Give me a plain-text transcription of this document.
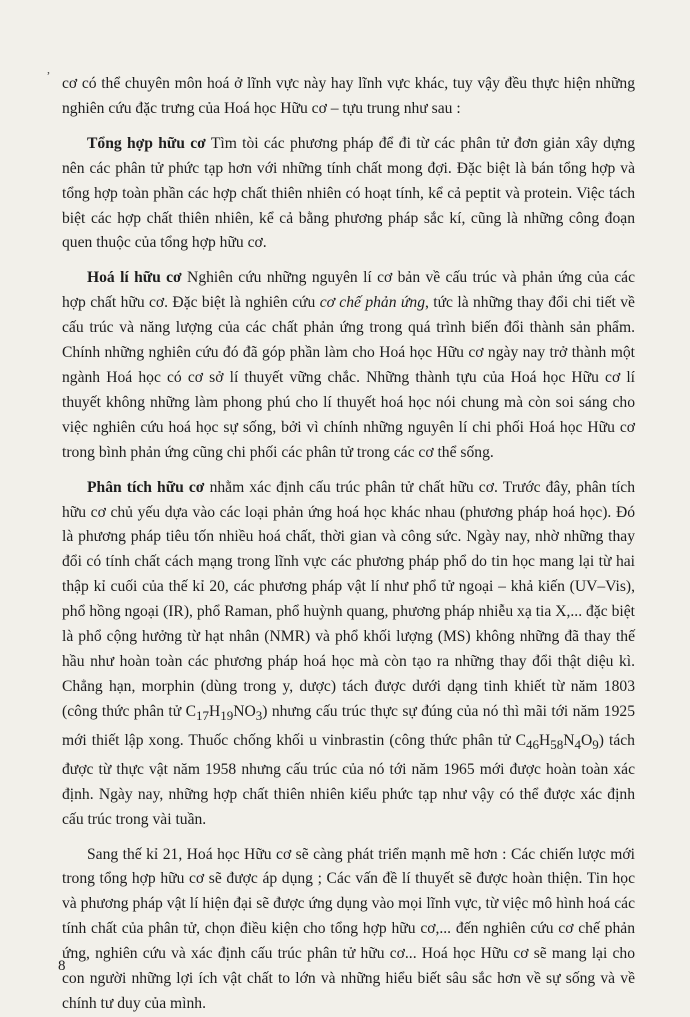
,

cơ có thể chuyên môn hoá ở lĩnh vực này hay lĩnh vực khác, tuy vậy đều thực hiện những nghiên cứu đặc trưng của Hoá học Hữu cơ – tựu trung như sau :

Tổng hợp hữu cơ Tìm tòi các phương pháp để đi từ các phân tử đơn giản xây dựng nên các phân tử phức tạp hơn với những tính chất mong đợi. Đặc biệt là bán tổng hợp và tổng hợp toàn phần các hợp chất thiên nhiên có hoạt tính, kể cả peptit và protein. Việc tách biệt các hợp chất thiên nhiên, kể cả bằng phương pháp sắc kí, cũng là những công đoạn quen thuộc của tổng hợp hữu cơ.

Hoá lí hữu cơ Nghiên cứu những nguyên lí cơ bản về cấu trúc và phản ứng của các hợp chất hữu cơ. Đặc biệt là nghiên cứu cơ chế phản ứng, tức là những thay đổi chi tiết về cấu trúc và năng lượng của các chất phản ứng trong quá trình biến đổi thành sản phẩm. Chính những nghiên cứu đó đã góp phần làm cho Hoá học Hữu cơ ngày nay trở thành một ngành Hoá học có cơ sở lí thuyết vững chắc. Những thành tựu của Hoá học Hữu cơ lí thuyết không những làm phong phú cho lí thuyết hoá học nói chung mà còn soi sáng cho việc nghiên cứu hoá học sự sống, bởi vì chính những nguyên lí chi phối Hoá học Hữu cơ trong bình phản ứng cũng chi phối các phân tử trong các cơ thể sống.

Phân tích hữu cơ nhằm xác định cấu trúc phân tử chất hữu cơ. Trước đây, phân tích hữu cơ chủ yếu dựa vào các loại phản ứng hoá học khác nhau (phương pháp hoá học). Đó là phương pháp tiêu tốn nhiều hoá chất, thời gian và công sức. Ngày nay, nhờ những thay đổi có tính chất cách mạng trong lĩnh vực các phương pháp phổ do tin học mang lại từ hai thập kỉ cuối của thế kỉ 20, các phương pháp vật lí như phổ tử ngoại – khả kiến (UV–Vis), phổ hồng ngoại (IR), phổ Raman, phổ huỳnh quang, phương pháp nhiễu xạ tia X,... đặc biệt là phổ cộng hưởng từ hạt nhân (NMR) và phổ khối lượng (MS) không những đã thay thế hầu như hoàn toàn các phương pháp hoá học mà còn tạo ra những thay đổi thật diệu kì. Chẳng hạn, morphin (dùng trong y, dược) tách được dưới dạng tinh khiết từ năm 1803 (công thức phân tử $C_{17}H_{19}NO_3$) nhưng cấu trúc thực sự đúng của nó thì mãi tới năm 1925 mới thiết lập xong. Thuốc chống khối u vinbrastin (công thức phân tử $C_{46}H_{58}N_4O_9$) tách được từ thực vật năm 1958 nhưng cấu trúc của nó tới năm 1965 mới được hoàn toàn xác định. Ngày nay, những hợp chất thiên nhiên kiểu phức tạp như vậy có thể được xác định cấu trúc trong vài tuần.

Sang thế kỉ 21, Hoá học Hữu cơ sẽ càng phát triển mạnh mẽ hơn : Các chiến lược mới trong tổng hợp hữu cơ sẽ được áp dụng ; Các vấn đề lí thuyết sẽ được hoàn thiện. Tin học và phương pháp vật lí hiện đại sẽ được ứng dụng vào mọi lĩnh vực, từ việc mô hình hoá các tính chất của phân tử, chọn điều kiện cho tổng hợp hữu cơ,... đến nghiên cứu cơ chế phản ứng, nghiên cứu và xác định cấu trúc phân tử hữu cơ... Hoá học Hữu cơ sẽ mang lại cho con người những lợi ích vật chất to lớn và những hiểu biết sâu sắc hơn về sự sống và về chính tư duy của mình.

8
